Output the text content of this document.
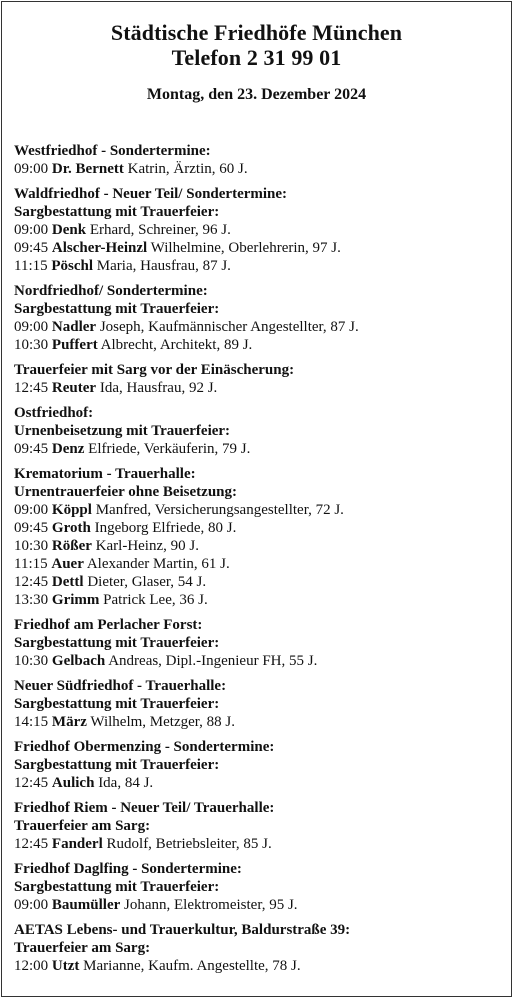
Städtische Friedhöfe München
Telefon 2 31 99 01
Montag, den 23. Dezember 2024
Westfriedhof - Sondertermine:
09:00 Dr. Bernett Katrin, Ärztin, 60 J.
Waldfriedhof - Neuer Teil/ Sondertermine:
Sargbestattung mit Trauerfeier:
09:00 Denk Erhard, Schreiner, 96 J.
09:45 Alscher-Heinzl Wilhelmine, Oberlehrerin, 97 J.
11:15 Pöschl Maria, Hausfrau, 87 J.
Nordfriedhof/ Sondertermine:
Sargbestattung mit Trauerfeier:
09:00 Nadler Joseph, Kaufmännischer Angestellter, 87 J.
10:30 Puffert Albrecht, Architekt, 89 J.
Trauerfeier mit Sarg vor der Einäscherung:
12:45 Reuter Ida, Hausfrau, 92 J.
Ostfriedhof:
Urnenbeisetzung mit Trauerfeier:
09:45 Denz Elfriede, Verkäuferin, 79 J.
Krematorium - Trauerhalle:
Urnentrauerfeier ohne Beisetzung:
09:00 Köppl Manfred, Versicherungsangestellter, 72 J.
09:45 Groth Ingeborg Elfriede, 80 J.
10:30 Rößer Karl-Heinz, 90 J.
11:15 Auer Alexander Martin, 61 J.
12:45 Dettl Dieter, Glaser, 54 J.
13:30 Grimm Patrick Lee, 36 J.
Friedhof am Perlacher Forst:
Sargbestattung mit Trauerfeier:
10:30 Gelbach Andreas, Dipl.-Ingenieur FH, 55 J.
Neuer Südfriedhof - Trauerhalle:
Sargbestattung mit Trauerfeier:
14:15 März Wilhelm, Metzger, 88 J.
Friedhof Obermenzing - Sondertermine:
Sargbestattung mit Trauerfeier:
12:45 Aulich Ida, 84 J.
Friedhof Riem - Neuer Teil/ Trauerhalle:
Trauerfeier am Sarg:
12:45 Fanderl Rudolf, Betriebsleiter, 85 J.
Friedhof Daglfing - Sondertermine:
Sargbestattung mit Trauerfeier:
09:00 Baumüller Johann, Elektromeister, 95 J.
AETAS Lebens- und Trauerkultur, Baldurstraße 39:
Trauerfeier am Sarg:
12:00 Utzt Marianne, Kaufm. Angestellte, 78 J.
